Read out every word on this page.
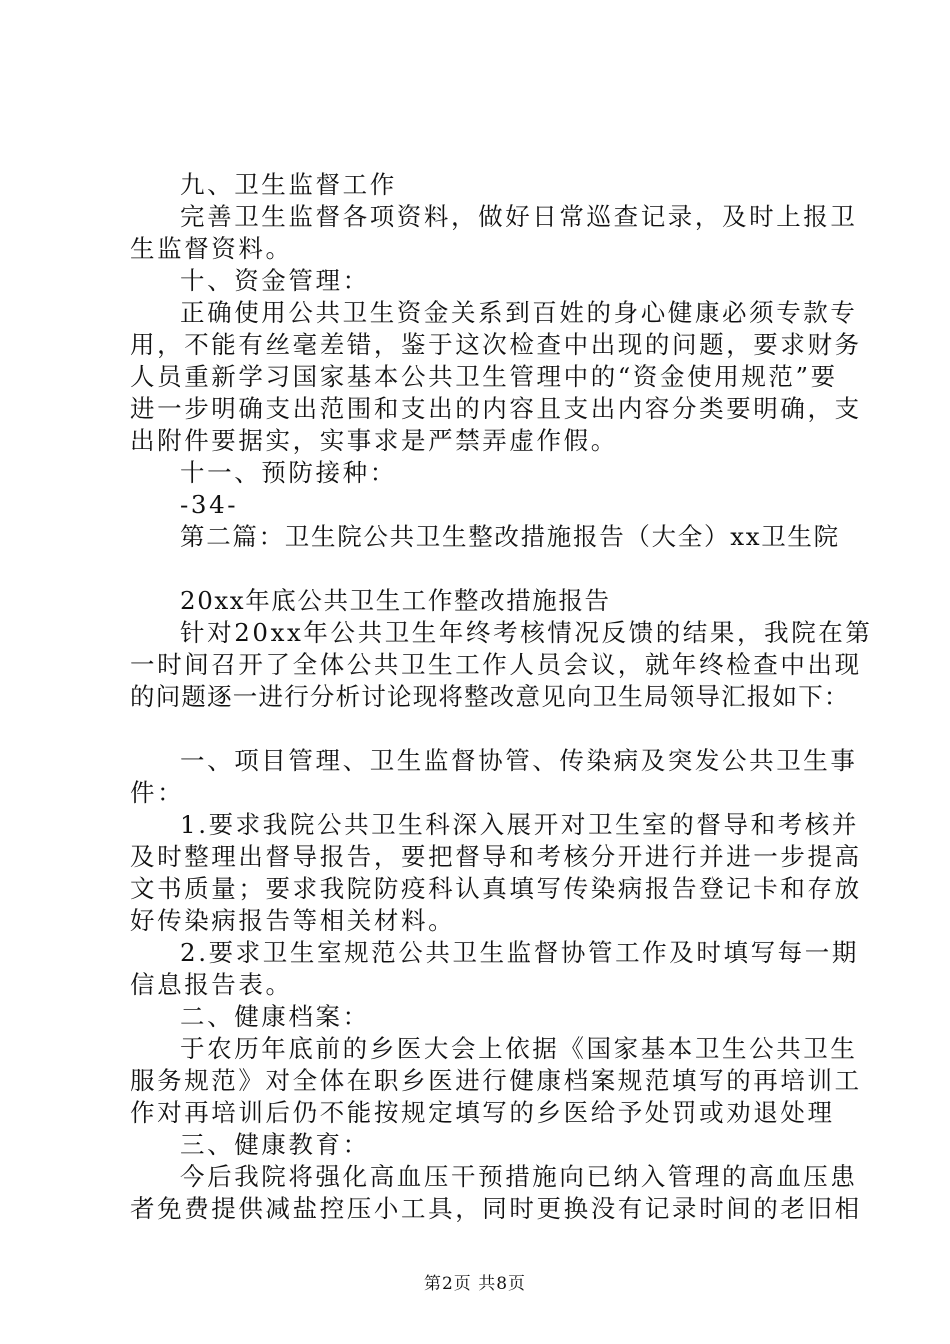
九、卫生监督工作
完善卫生监督各项资料，做好日常巡查记录，及时上报卫
生监督资料。
十、资金管理：
正确使用公共卫生资金关系到百姓的身心健康必须专款专
用，不能有丝毫差错，鉴于这次检查中出现的问题，要求财务
人员重新学习国家基本公共卫生管理中的“资金使用规范”要
进一步明确支出范围和支出的内容且支出内容分类要明确，支
出附件要据实，实事求是严禁弄虚作假。
十一、预防接种：
-34-
第二篇：卫生院公共卫生整改措施报告（大全）xx卫生院
20xx年底公共卫生工作整改措施报告
针对20xx年公共卫生年终考核情况反馈的结果，我院在第
一时间召开了全体公共卫生工作人员会议，就年终检查中出现
的问题逐一进行分析讨论现将整改意见向卫生局领导汇报如下：
一、项目管理、卫生监督协管、传染病及突发公共卫生事
件：
1.要求我院公共卫生科深入展开对卫生室的督导和考核并
及时整理出督导报告，要把督导和考核分开进行并进一步提高
文书质量；要求我院防疫科认真填写传染病报告登记卡和存放
好传染病报告等相关材料。
2.要求卫生室规范公共卫生监督协管工作及时填写每一期
信息报告表。
二、健康档案：
于农历年底前的乡医大会上依据《国家基本卫生公共卫生
服务规范》对全体在职乡医进行健康档案规范填写的再培训工
作对再培训后仍不能按规定填写的乡医给予处罚或劝退处理
三、健康教育：
今后我院将强化高血压干预措施向已纳入管理的高血压患
者免费提供减盐控压小工具，同时更换没有记录时间的老旧相
第2页 共8页
